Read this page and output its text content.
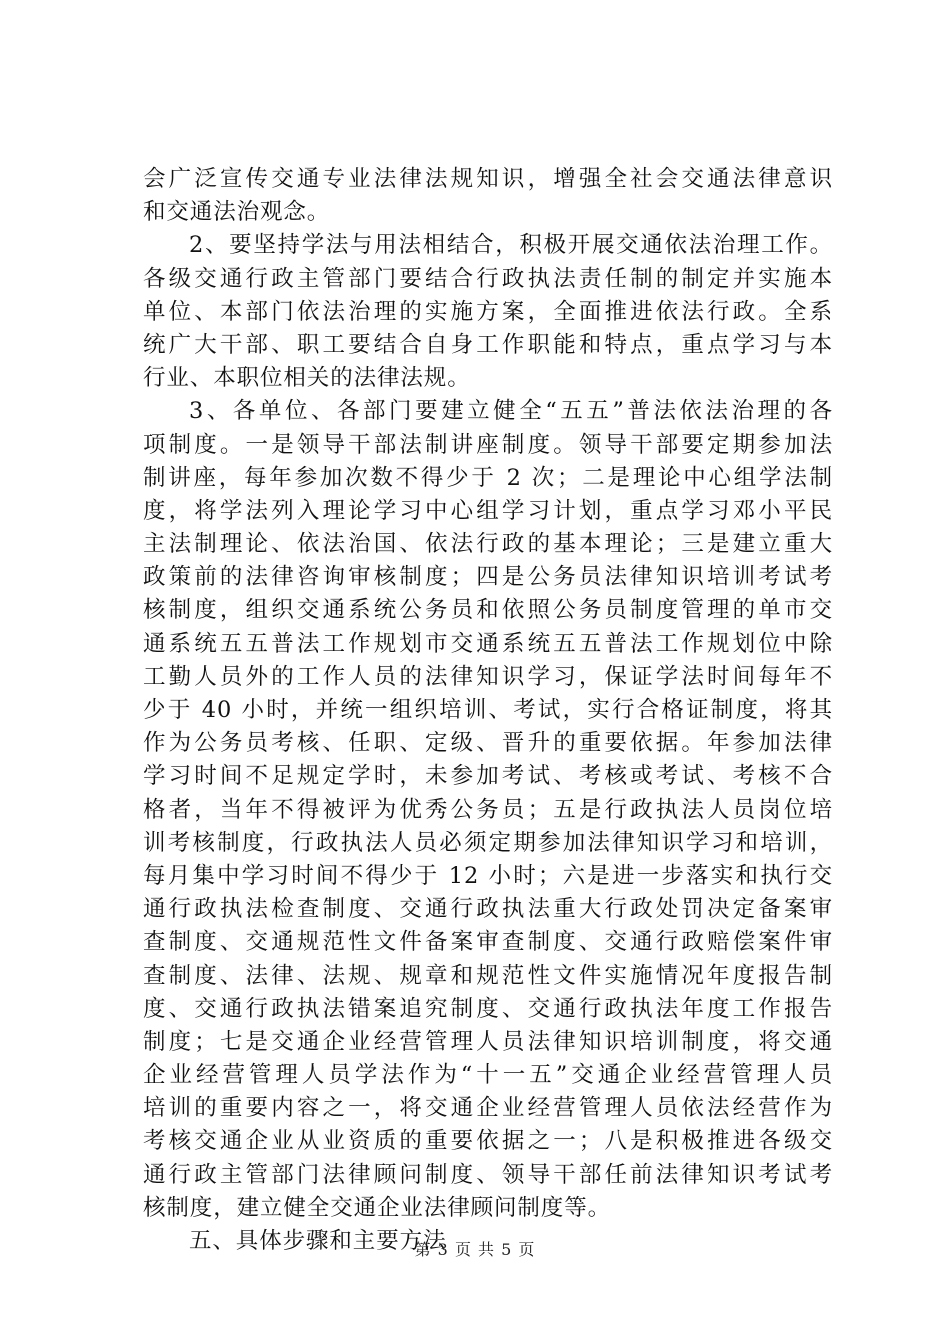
会广泛宣传交通专业法律法规知识，增强全社会交通法律意识
和交通法治观念。
2、要坚持学法与用法相结合，积极开展交通依法治理工作。
各级交通行政主管部门要结合行政执法责任制的制定并实施本
单位、本部门依法治理的实施方案，全面推进依法行政。全系
统广大干部、职工要结合自身工作职能和特点，重点学习与本
行业、本职位相关的法律法规。
3、各单位、各部门要建立健全“五五”普法依法治理的各
项制度。一是领导干部法制讲座制度。领导干部要定期参加法
制讲座，每年参加次数不得少于 2 次；二是理论中心组学法制
度，将学法列入理论学习中心组学习计划，重点学习邓小平民
主法制理论、依法治国、依法行政的基本理论；三是建立重大
政策前的法律咨询审核制度；四是公务员法律知识培训考试考
核制度，组织交通系统公务员和依照公务员制度管理的单市交
通系统五五普法工作规划市交通系统五五普法工作规划位中除
工勤人员外的工作人员的法律知识学习，保证学法时间每年不
少于 40 小时，并统一组织培训、考试，实行合格证制度，将其
作为公务员考核、任职、定级、晋升的重要依据。年参加法律
学习时间不足规定学时，未参加考试、考核或考试、考核不合
格者，当年不得被评为优秀公务员；五是行政执法人员岗位培
训考核制度，行政执法人员必须定期参加法律知识学习和培训，
每月集中学习时间不得少于 12 小时；六是进一步落实和执行交
通行政执法检查制度、交通行政执法重大行政处罚决定备案审
查制度、交通规范性文件备案审查制度、交通行政赔偿案件审
查制度、法律、法规、规章和规范性文件实施情况年度报告制
度、交通行政执法错案追究制度、交通行政执法年度工作报告
制度；七是交通企业经营管理人员法律知识培训制度，将交通
企业经营管理人员学法作为“十一五”交通企业经营管理人员
培训的重要内容之一，将交通企业经营管理人员依法经营作为
考核交通企业从业资质的重要依据之一；八是积极推进各级交
通行政主管部门法律顾问制度、领导干部任前法律知识考试考
核制度，建立健全交通企业法律顾问制度等。
五、具体步骤和主要方法
第 3 页 共 5 页
